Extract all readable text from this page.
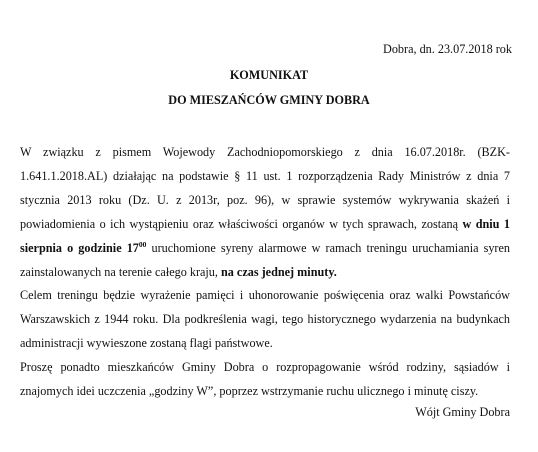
Dobra, dn. 23.07.2018 rok
KOMUNIKAT
DO MIESZAŃCÓW GMINY DOBRA

W związku z pismem Wojewody Zachodniopomorskiego z dnia 16.07.2018r. (BZK-1.641.1.2018.AL) działając na podstawie § 11 ust. 1 rozporządzenia Rady Ministrów z dnia 7 stycznia 2013 roku (Dz. U. z 2013r, poz. 96), w sprawie systemów wykrywania skażeń i powiadomienia o ich wystąpieniu oraz właściwości organów w tych sprawach, zostaną w dniu 1 sierpnia o godzinie $17^{00}$ uruchomione syreny alarmowe w ramach treningu uruchamiania syren zainstalowanych na terenie całego kraju, na czas jednej minuty.

Celem treningu będzie wyrażenie pamięci i uhonorowanie poświęcenia oraz walki Powstańców Warszawskich z 1944 roku. Dla podkreślenia wagi, tego historycznego wydarzenia na budynkach administracji wywieszone zostaną flagi państwowe.

Proszę ponadto mieszkańców Gminy Dobra o rozpropagowanie wśród rodziny, sąsiadów i znajomych idei uczczenia „godziny W”, poprzez wstrzymanie ruchu ulicznego i minutę ciszy.

Wójt Gminy Dobra
